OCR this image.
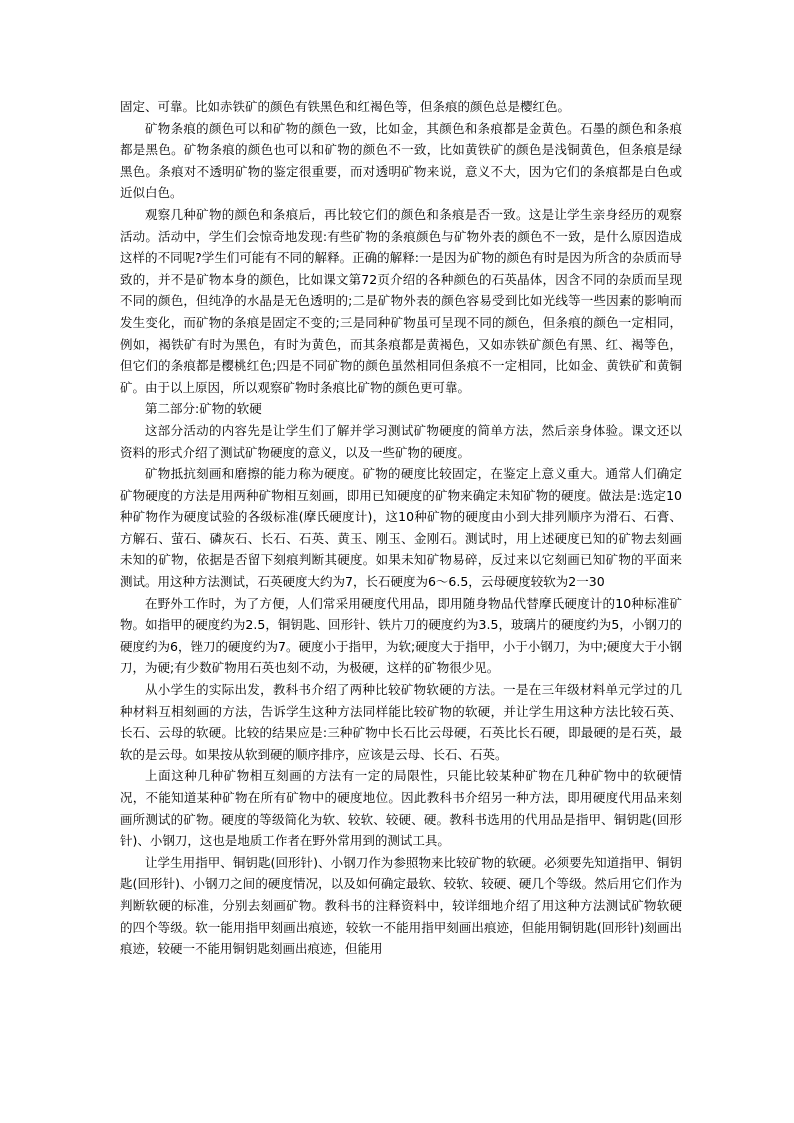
固定、可靠。比如赤铁矿的颜色有铁黑色和红褐色等，但条痕的颜色总是樱红色。

矿物条痕的颜色可以和矿物的颜色一致，比如金，其颜色和条痕都是金黄色。石墨的颜色和条痕都是黑色。矿物条痕的颜色也可以和矿物的颜色不一致，比如黄铁矿的颜色是浅铜黄色，但条痕是绿黑色。条痕对不透明矿物的鉴定很重要，而对透明矿物来说，意义不大，因为它们的条痕都是白色或近似白色。

观察几种矿物的颜色和条痕后，再比较它们的颜色和条痕是否一致。这是让学生亲身经历的观察活动。活动中，学生们会惊奇地发现:有些矿物的条痕颜色与矿物外表的颜色不一致，是什么原因造成这样的不同呢?学生们可能有不同的解释。正确的解释:一是因为矿物的颜色有时是因为所含的杂质而导致的，并不是矿物本身的颜色，比如课文第72页介绍的各种颜色的石英晶体，因含不同的杂质而呈现不同的颜色，但纯净的水晶是无色透明的;二是矿物外表的颜色容易受到比如光线等一些因素的影响而发生变化，而矿物的条痕是固定不变的;三是同种矿物虽可呈现不同的颜色，但条痕的颜色一定相同，例如，褐铁矿有时为黑色，有时为黄色，而其条痕都是黄褐色，又如赤铁矿颜色有黑、红、褐等色，但它们的条痕都是樱桃红色;四是不同矿物的颜色虽然相同但条痕不一定相同，比如金、黄铁矿和黄铜矿。由于以上原因，所以观察矿物时条痕比矿物的颜色更可靠。

第二部分:矿物的软硬

这部分活动的内容先是让学生们了解并学习测试矿物硬度的简单方法，然后亲身体验。课文还以资料的形式介绍了测试矿物硬度的意义，以及一些矿物的硬度。

矿物抵抗刻画和磨擦的能力称为硬度。矿物的硬度比较固定，在鉴定上意义重大。通常人们确定矿物硬度的方法是用两种矿物相互刻画，即用已知硬度的矿物来确定未知矿物的硬度。做法是:选定10种矿物作为硬度试验的各级标准(摩氏硬度计)，这10种矿物的硬度由小到大排列顺序为滑石、石膏、方解石、萤石、磷灰石、长石、石英、黄玉、刚玉、金刚石。测试时，用上述硬度已知的矿物去刻画未知的矿物，依据是否留下刻痕判断其硬度。如果未知矿物易碎，反过来以它刻画已知矿物的平面来测试。用这种方法测试，石英硬度大约为7，长石硬度为6～6.5，云母硬度较软为2一30

在野外工作时，为了方便，人们常采用硬度代用品，即用随身物品代替摩氏硬度计的10种标准矿物。如指甲的硬度约为2.5，铜钥匙、回形针、铁片刀的硬度约为3.5，玻璃片的硬度约为5，小钢刀的硬度约为6，锉刀的硬度约为7。硬度小于指甲，为软;硬度大于指甲，小于小钢刀，为中;硬度大于小钢刀，为硬;有少数矿物用石英也刻不动，为极硬，这样的矿物很少见。

从小学生的实际出发，教科书介绍了两种比较矿物软硬的方法。一是在三年级材料单元学过的几种材料互相刻画的方法，告诉学生这种方法同样能比较矿物的软硬，并让学生用这种方法比较石英、长石、云母的软硬。比较的结果应是:三种矿物中长石比云母硬，石英比长石硬，即最硬的是石英，最软的是云母。如果按从软到硬的顺序排序，应该是云母、长石、石英。

上面这种几种矿物相互刻画的方法有一定的局限性，只能比较某种矿物在几种矿物中的软硬情况，不能知道某种矿物在所有矿物中的硬度地位。因此教科书介绍另一种方法，即用硬度代用品来刻画所测试的矿物。硬度的等级简化为软、较软、较硬、硬。教科书选用的代用品是指甲、铜钥匙(回形针)、小钢刀，这也是地质工作者在野外常用到的测试工具。

让学生用指甲、铜钥匙(回形针)、小钢刀作为参照物来比较矿物的软硬。必须要先知道指甲、铜钥匙(回形针)、小钢刀之间的硬度情况，以及如何确定最软、较软、较硬、硬几个等级。然后用它们作为判断软硬的标准，分别去刻画矿物。教科书的注释资料中，较详细地介绍了用这种方法测试矿物软硬的四个等级。软一能用指甲刻画出痕迹，较软一不能用指甲刻画出痕迹，但能用铜钥匙(回形针)刻画出痕迹，较硬一不能用铜钥匙刻画出痕迹，但能用
